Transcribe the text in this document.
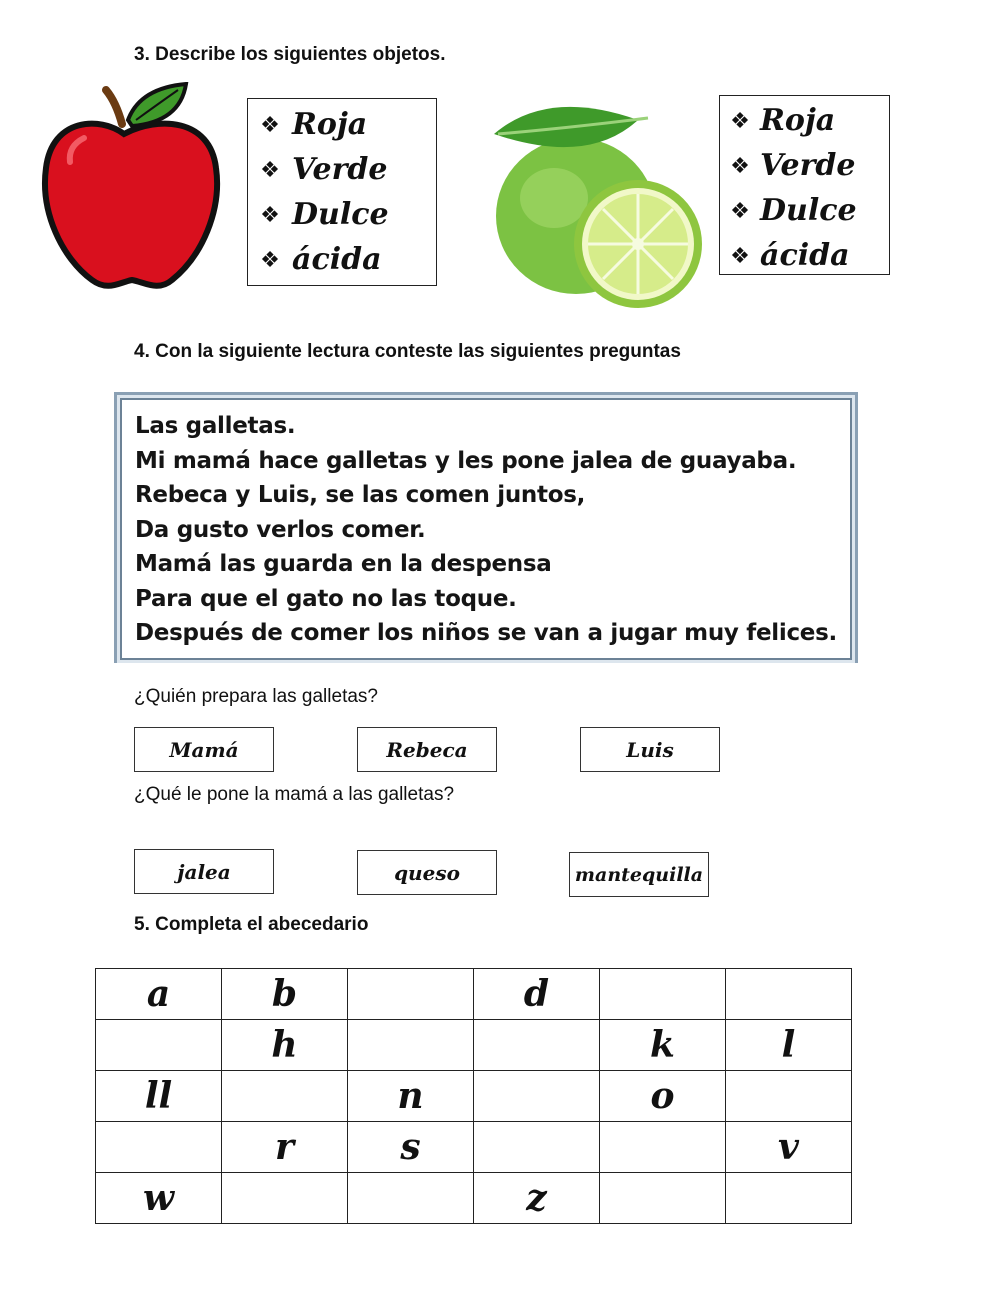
3. Describe los siguientes objetos.
❖ Roja
❖ Verde
❖ Dulce
❖ ácida
❖ Roja
❖ Verde
❖ Dulce
❖ ácida
4. Con la siguiente lectura conteste las siguientes preguntas
Las galletas.
Mi mamá hace galletas y les pone jalea de guayaba.
Rebeca y Luis, se las comen juntos,
Da gusto verlos comer.
Mamá las guarda en la despensa
Para que el gato no las toque.
Después de comer los niños se van a jugar muy felices.
¿Quién prepara las galletas?
Mamá	Rebeca	Luis
¿Qué le pone la mamá a las galletas?
jalea	queso	mantequilla
5. Completa el abecedario
a	b		d		
	h			k	l
ll		n		o	
	r	s			v
w			z		
